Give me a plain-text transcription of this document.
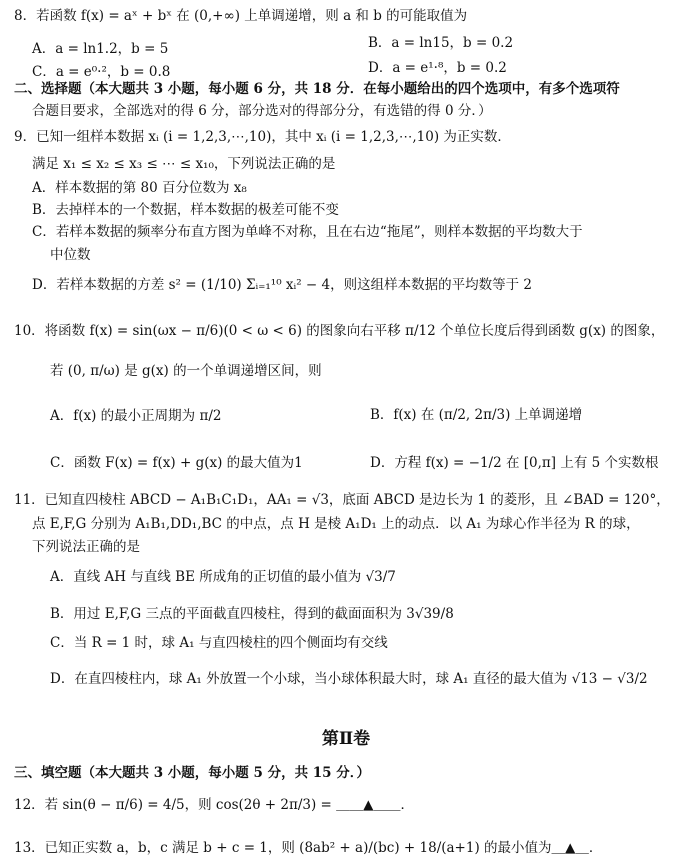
第Ⅱ卷
8．若函数 f(x) = aˣ + bˣ 在 (0,+∞) 上单调递增，则 a 和 b 的可能取值为
A．a = ln1.2，b = 5	B．a = ln15，b = 0.2
C．a = e⁰·²，b = 0.8	D．a = e¹·⁸，b = 0.2
二、选择题（本大题共 3 小题，每小题 6 分，共 18 分．在每小题给出的四个选项中，有多个选项符
合题目要求，全部选对的得 6 分，部分选对的得部分分，有选错的得 0 分．）
9．已知一组样本数据 xᵢ (i = 1,2,3,⋯,10)，其中 xᵢ (i = 1,2,3,⋯,10) 为正实数．
满足 x₁ ≤ x₂ ≤ x₃ ≤ ⋯ ≤ x₁₀，下列说法正确的是
A．样本数据的第 80 百分位数为 x₈
B．去掉样本的一个数据，样本数据的极差可能不变
C．若样本数据的频率分布直方图为单峰不对称，且在右边“拖尾”，则样本数据的平均数大于
中位数
D．若样本数据的方差 s² = (1/10) Σᵢ₌₁¹⁰ xᵢ² − 4，则这组样本数据的平均数等于 2
10．将函数 f(x) = sin(ωx − π/6)(0 < ω < 6) 的图象向右平移 π/12 个单位长度后得到函数 g(x) 的图象，
若 (0, π/ω) 是 g(x) 的一个单调递增区间，则
A．f(x) 的最小正周期为 π/2	B．f(x) 在 (π/2, 2π/3) 上单调递增
C．函数 F(x) = f(x) + g(x) 的最大值为1	D．方程 f(x) = −1/2 在 [0,π] 上有 5 个实数根
11．已知直四棱柱 ABCD − A₁B₁C₁D₁，AA₁ = √3，底面 ABCD 是边长为 1 的菱形，且 ∠BAD = 120°，
点 E,F,G 分别为 A₁B₁,DD₁,BC 的中点，点 H 是棱 A₁D₁ 上的动点．以 A₁ 为球心作半径为 R 的球，
下列说法正确的是
A．直线 AH 与直线 BE 所成角的正切值的最小值为 √3/7
B．用过 E,F,G 三点的平面截直四棱柱，得到的截面面积为 3√39/8
C．当 R = 1 时，球 A₁ 与直四棱柱的四个侧面均有交线
D．在直四棱柱内，球 A₁ 外放置一个小球，当小球体积最大时，球 A₁ 直径的最大值为 √13 − √3/2
三、填空题（本大题共 3 小题，每小题 5 分，共 15 分．）
12．若 sin(θ − π/6) = 4/5，则 cos(2θ + 2π/3) = ＿＿▲＿＿．
13．已知正实数 a，b，c 满足 b + c = 1，则 (8ab² + a)/(bc) + 18/(a+1) 的最小值为＿▲＿．
